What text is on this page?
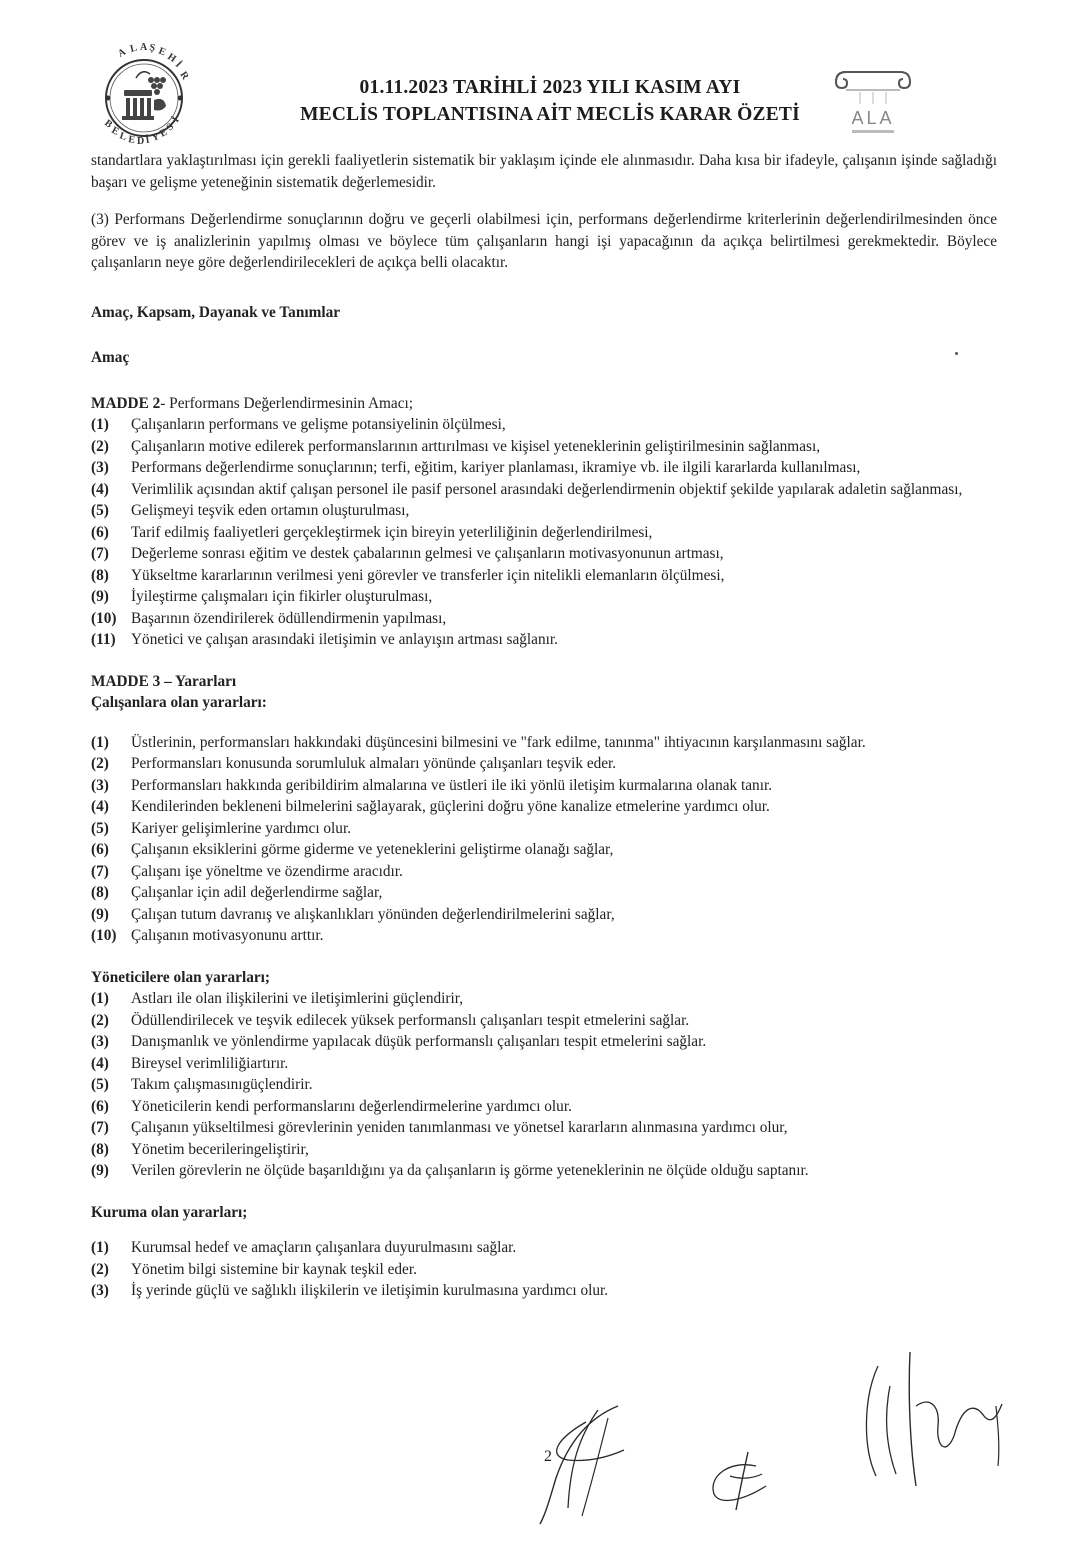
A L A Ş E
H
İ
R
B
E
L E D İ Y
E
S
İ
01.11.2023 TARİHLİ 2023 YILI KASIM AYI
MECLİS TOPLANTISINA AİT MECLİS KARAR ÖZETİ	ALA

standartlara yaklaştırılması için gerekli faaliyetlerin sistematik bir yaklaşım içinde ele alınmasıdır. Daha kısa bir ifadeyle, çalışanın işinde sağladığı başarı ve gelişme yeteneğinin sistematik değerlemesidir.

(3) Performans Değerlendirme sonuçlarının doğru ve geçerli olabilmesi için, performans değerlendirme kriterlerinin değerlendirilmesinden önce görev ve iş analizlerinin yapılmış olması ve böylece tüm çalışanların hangi işi yapacağının da açıkça belirtilmesi gerekmektedir. Böylece çalışanların neye göre değerlendirilecekleri de açıkça belli olacaktır.

Amaç, Kapsam, Dayanak ve Tanımlar

Amaç

MADDE 2- Performans Değerlendirmesinin Amacı;

(1) Çalışanların performans ve gelişme potansiyelinin ölçülmesi,
(2) Çalışanların motive edilerek performanslarının arttırılması ve kişisel yeteneklerinin geliştirilmesinin sağlanması,
(3) Performans değerlendirme sonuçlarının; terfi, eğitim, kariyer planlaması, ikramiye vb. ile ilgili kararlarda kullanılması,
(4) Verimlilik açısından aktif çalışan personel ile pasif personel arasındaki değerlendirmenin objektif şekilde yapılarak adaletin sağlanması,
(5) Gelişmeyi teşvik eden ortamın oluşturulması,
(6) Tarif edilmiş faaliyetleri gerçekleştirmek için bireyin yeterliliğinin değerlendirilmesi,
(7) Değerleme sonrası eğitim ve destek çabalarının gelmesi ve çalışanların motivasyonunun artması,
(8) Yükseltme kararlarının verilmesi yeni görevler ve transferler için nitelikli elemanların ölçülmesi,
(9) İyileştirme çalışmaları için fikirler oluşturulması,
(10) Başarının özendirilerek ödüllendirmenin yapılması,
(11) Yönetici ve çalışan arasındaki iletişimin ve anlayışın artması sağlanır.

MADDE 3 – Yararları

Çalışanlara olan yararları:

(1) Üstlerinin, performansları hakkındaki düşüncesini bilmesini ve "fark edilme, tanınma" ihtiyacının karşılanmasını sağlar.
(2) Performansları konusunda sorumluluk almaları yönünde çalışanları teşvik eder.
(3) Performansları hakkında geribildirim almalarına ve üstleri ile iki yönlü iletişim kurmalarına olanak tanır.
(4) Kendilerinden bekleneni bilmelerini sağlayarak, güçlerini doğru yöne kanalize etmelerine yardımcı olur.
(5) Kariyer gelişimlerine yardımcı olur.
(6) Çalışanın eksiklerini görme giderme ve yeteneklerini geliştirme olanağı sağlar,
(7) Çalışanı işe yöneltme ve özendirme aracıdır.
(8) Çalışanlar için adil değerlendirme sağlar,
(9) Çalışan tutum davranış ve alışkanlıkları yönünden değerlendirilmelerini sağlar,
(10) Çalışanın motivasyonunu arttır.

Yöneticilere olan yararları;

(1) Astları ile olan ilişkilerini ve iletişimlerini güçlendirir,
(2) Ödüllendirilecek ve teşvik edilecek yüksek performanslı çalışanları tespit etmelerini sağlar.
(3) Danışmanlık ve yönlendirme yapılacak düşük performanslı çalışanları tespit etmelerini sağlar.
(4) Bireysel verimliliğiartırır.
(5) Takım çalışmasınıgüçlendirir.
(6) Yöneticilerin kendi performanslarını değerlendirmelerine yardımcı olur.
(7) Çalışanın yükseltilmesi görevlerinin yeniden tanımlanması ve yönetsel kararların alınmasına yardımcı olur,
(8) Yönetim becerileringeliştirir,
(9) Verilen görevlerin ne ölçüde başarıldığını ya da çalışanların iş görme yeteneklerinin ne ölçüde olduğu saptanır.

Kuruma olan yararları;

(1) Kurumsal hedef ve amaçların çalışanlara duyurulmasını sağlar.
(2) Yönetim bilgi sistemine bir kaynak teşkil eder.
(3) İş yerinde güçlü ve sağlıklı ilişkilerin ve iletişimin kurulmasına yardımcı olur.
2
